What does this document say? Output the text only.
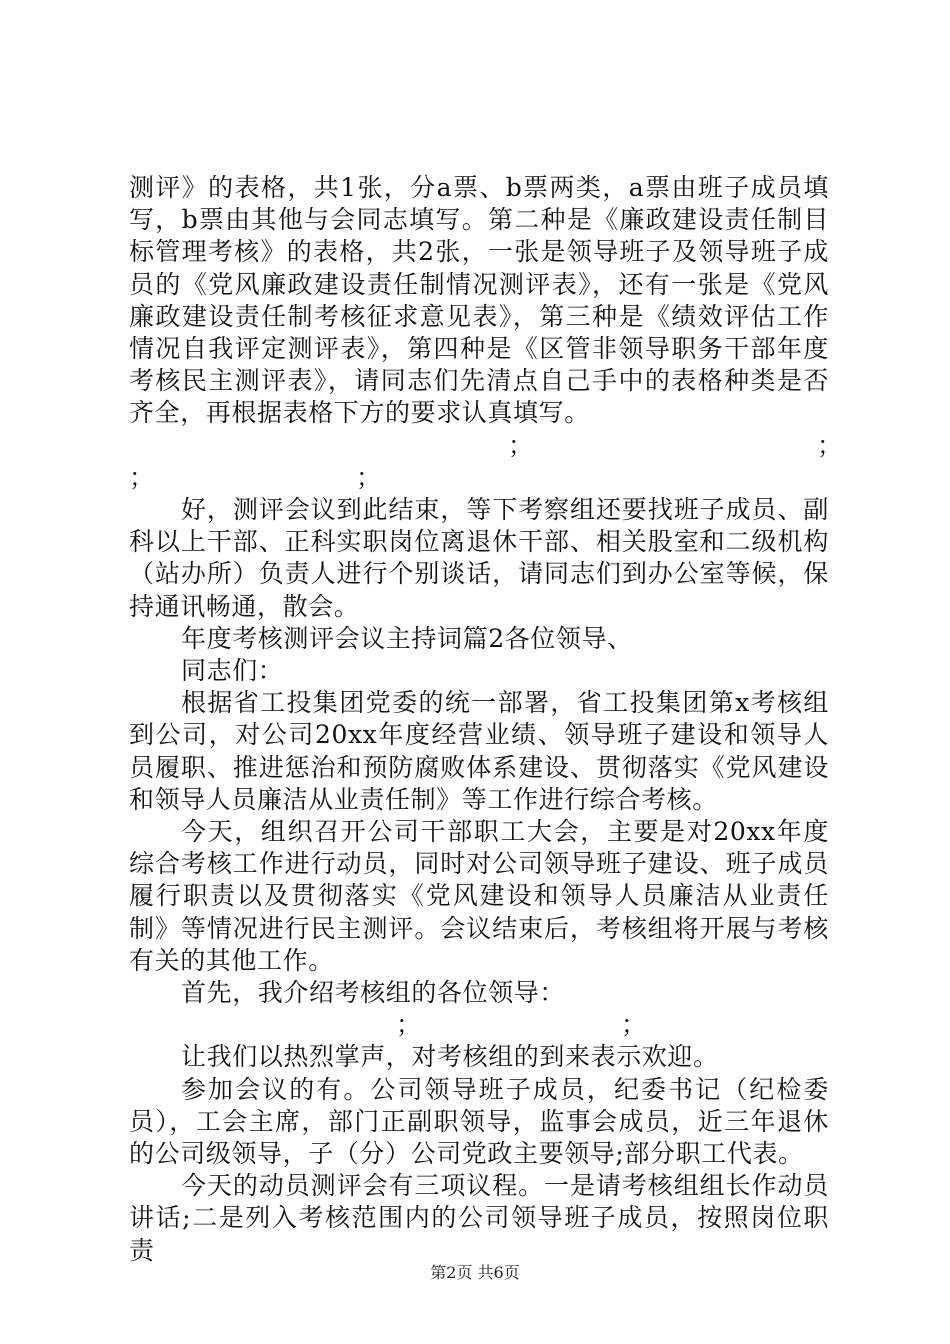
测评》的表格，共1张，分a票、b票两类，a票由班子成员填写，b票由其他与会同志填写。第二种是《廉政建设责任制目标管理考核》的表格，共2张，一张是领导班子及领导班子成员的《党风廉政建设责任制情况测评表》，还有一张是《党风廉政建设责任制考核征求意见表》，第三种是《绩效评估工作情况自我评定测评表》，第四种是《区管非领导职务干部年度考核民主测评表》，请同志们先清点自己手中的表格种类是否齐全，再根据表格下方的要求认真填写。

；	；
；	；

好，测评会议到此结束，等下考察组还要找班子成员、副科以上干部、正科实职岗位离退休干部、相关股室和二级机构（站办所）负责人进行个别谈话，请同志们到办公室等候，保持通讯畅通，散会。

年度考核测评会议主持词篇2各位领导、

同志们：

根据省工投集团党委的统一部署，省工投集团第x考核组到公司，对公司20xx年度经营业绩、领导班子建设和领导人员履职、推进惩治和预防腐败体系建设、贯彻落实《党风建设和领导人员廉洁从业责任制》等工作进行综合考核。

今天，组织召开公司干部职工大会，主要是对20xx年度综合考核工作进行动员，同时对公司领导班子建设、班子成员履行职责以及贯彻落实《党风建设和领导人员廉洁从业责任制》等情况进行民主测评。会议结束后，考核组将开展与考核有关的其他工作。

首先，我介绍考核组的各位领导：

；	；

让我们以热烈掌声，对考核组的到来表示欢迎。

参加会议的有。公司领导班子成员，纪委书记（纪检委员），工会主席，部门正副职领导，监事会成员，近三年退休的公司级领导，子（分）公司党政主要领导;部分职工代表。

今天的动员测评会有三项议程。一是请考核组组长作动员讲话;二是列入考核范围内的公司领导班子成员，按照岗位职责

第2页 共6页
